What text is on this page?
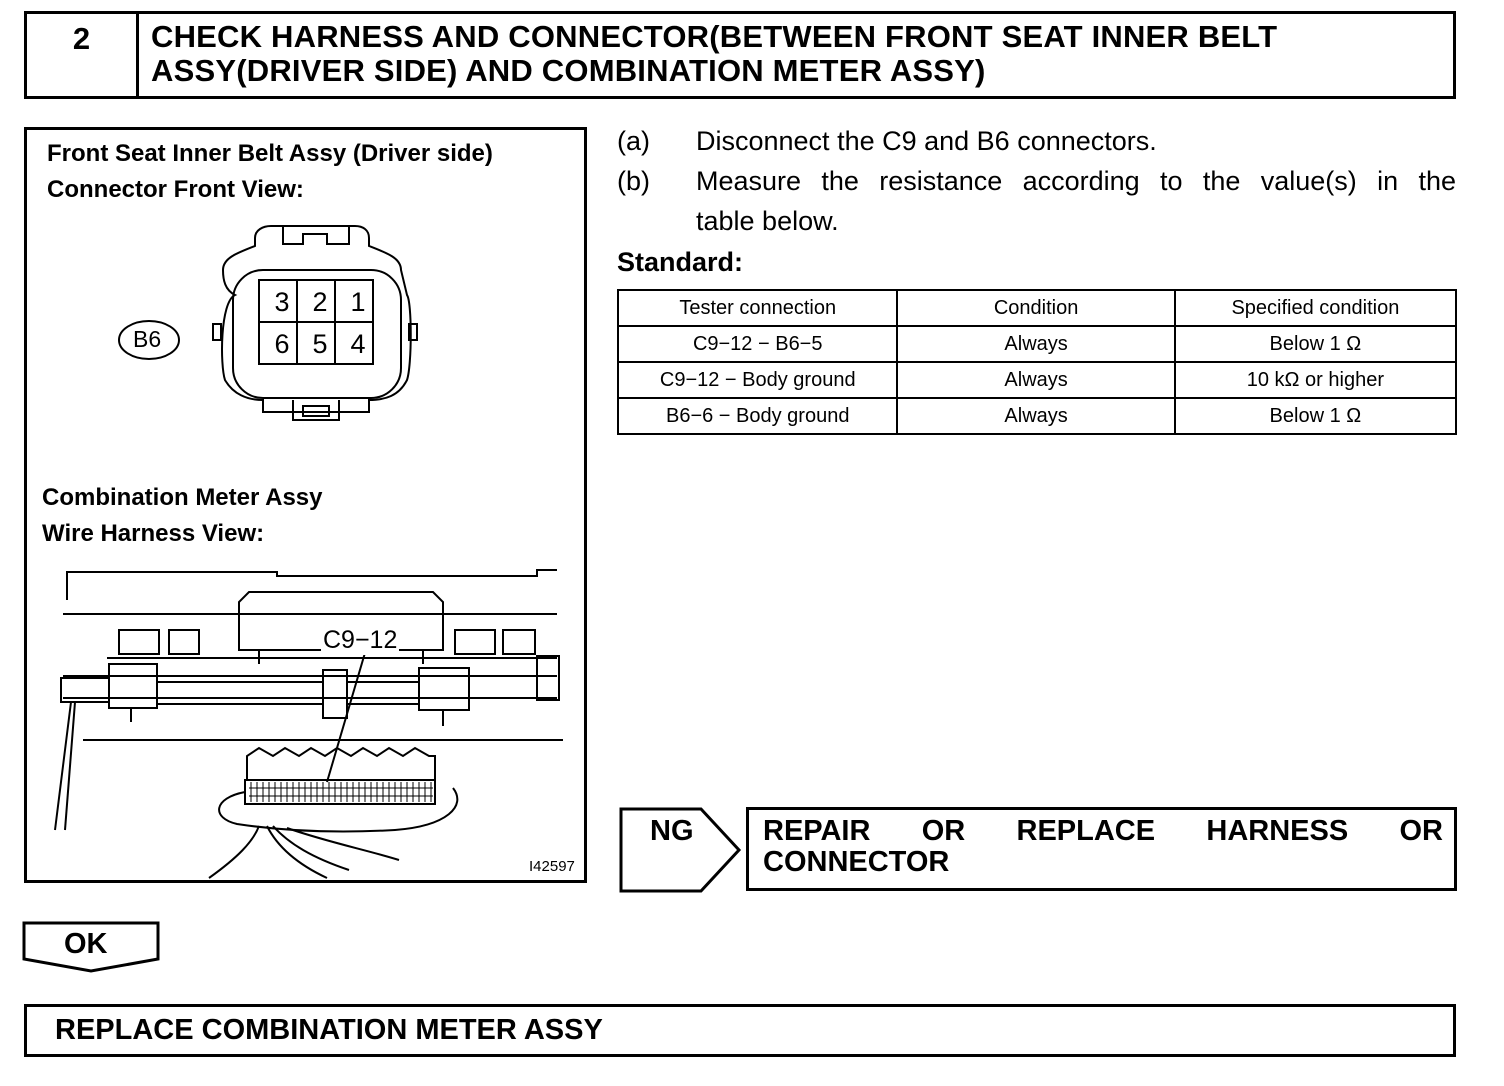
2	CHECK HARNESS AND CONNECTOR(BETWEEN FRONT SEAT INNER BELT
ASSY(DRIVER SIDE) AND COMBINATION METER ASSY)
Front Seat Inner Belt Assy (Driver side)
Connector Front View:
B6
3 2 1
6 5 4
Combination Meter Assy
Wire Harness View:
C9−12
I42597
(a) Disconnect the C9 and B6 connectors.
(b) Measure the resistance according to the value(s) in the
table below.
Standard:
Tester connection	Condition	Specified condition
C9−12 − B6−5	Always	Below 1 Ω
C9−12 − Body ground	Always	10 kΩ or higher
B6−6 − Body ground	Always	Below 1 Ω
NG REPAIR OR REPLACE HARNESS OR
CONNECTOR
OK
REPLACE COMBINATION METER ASSY
